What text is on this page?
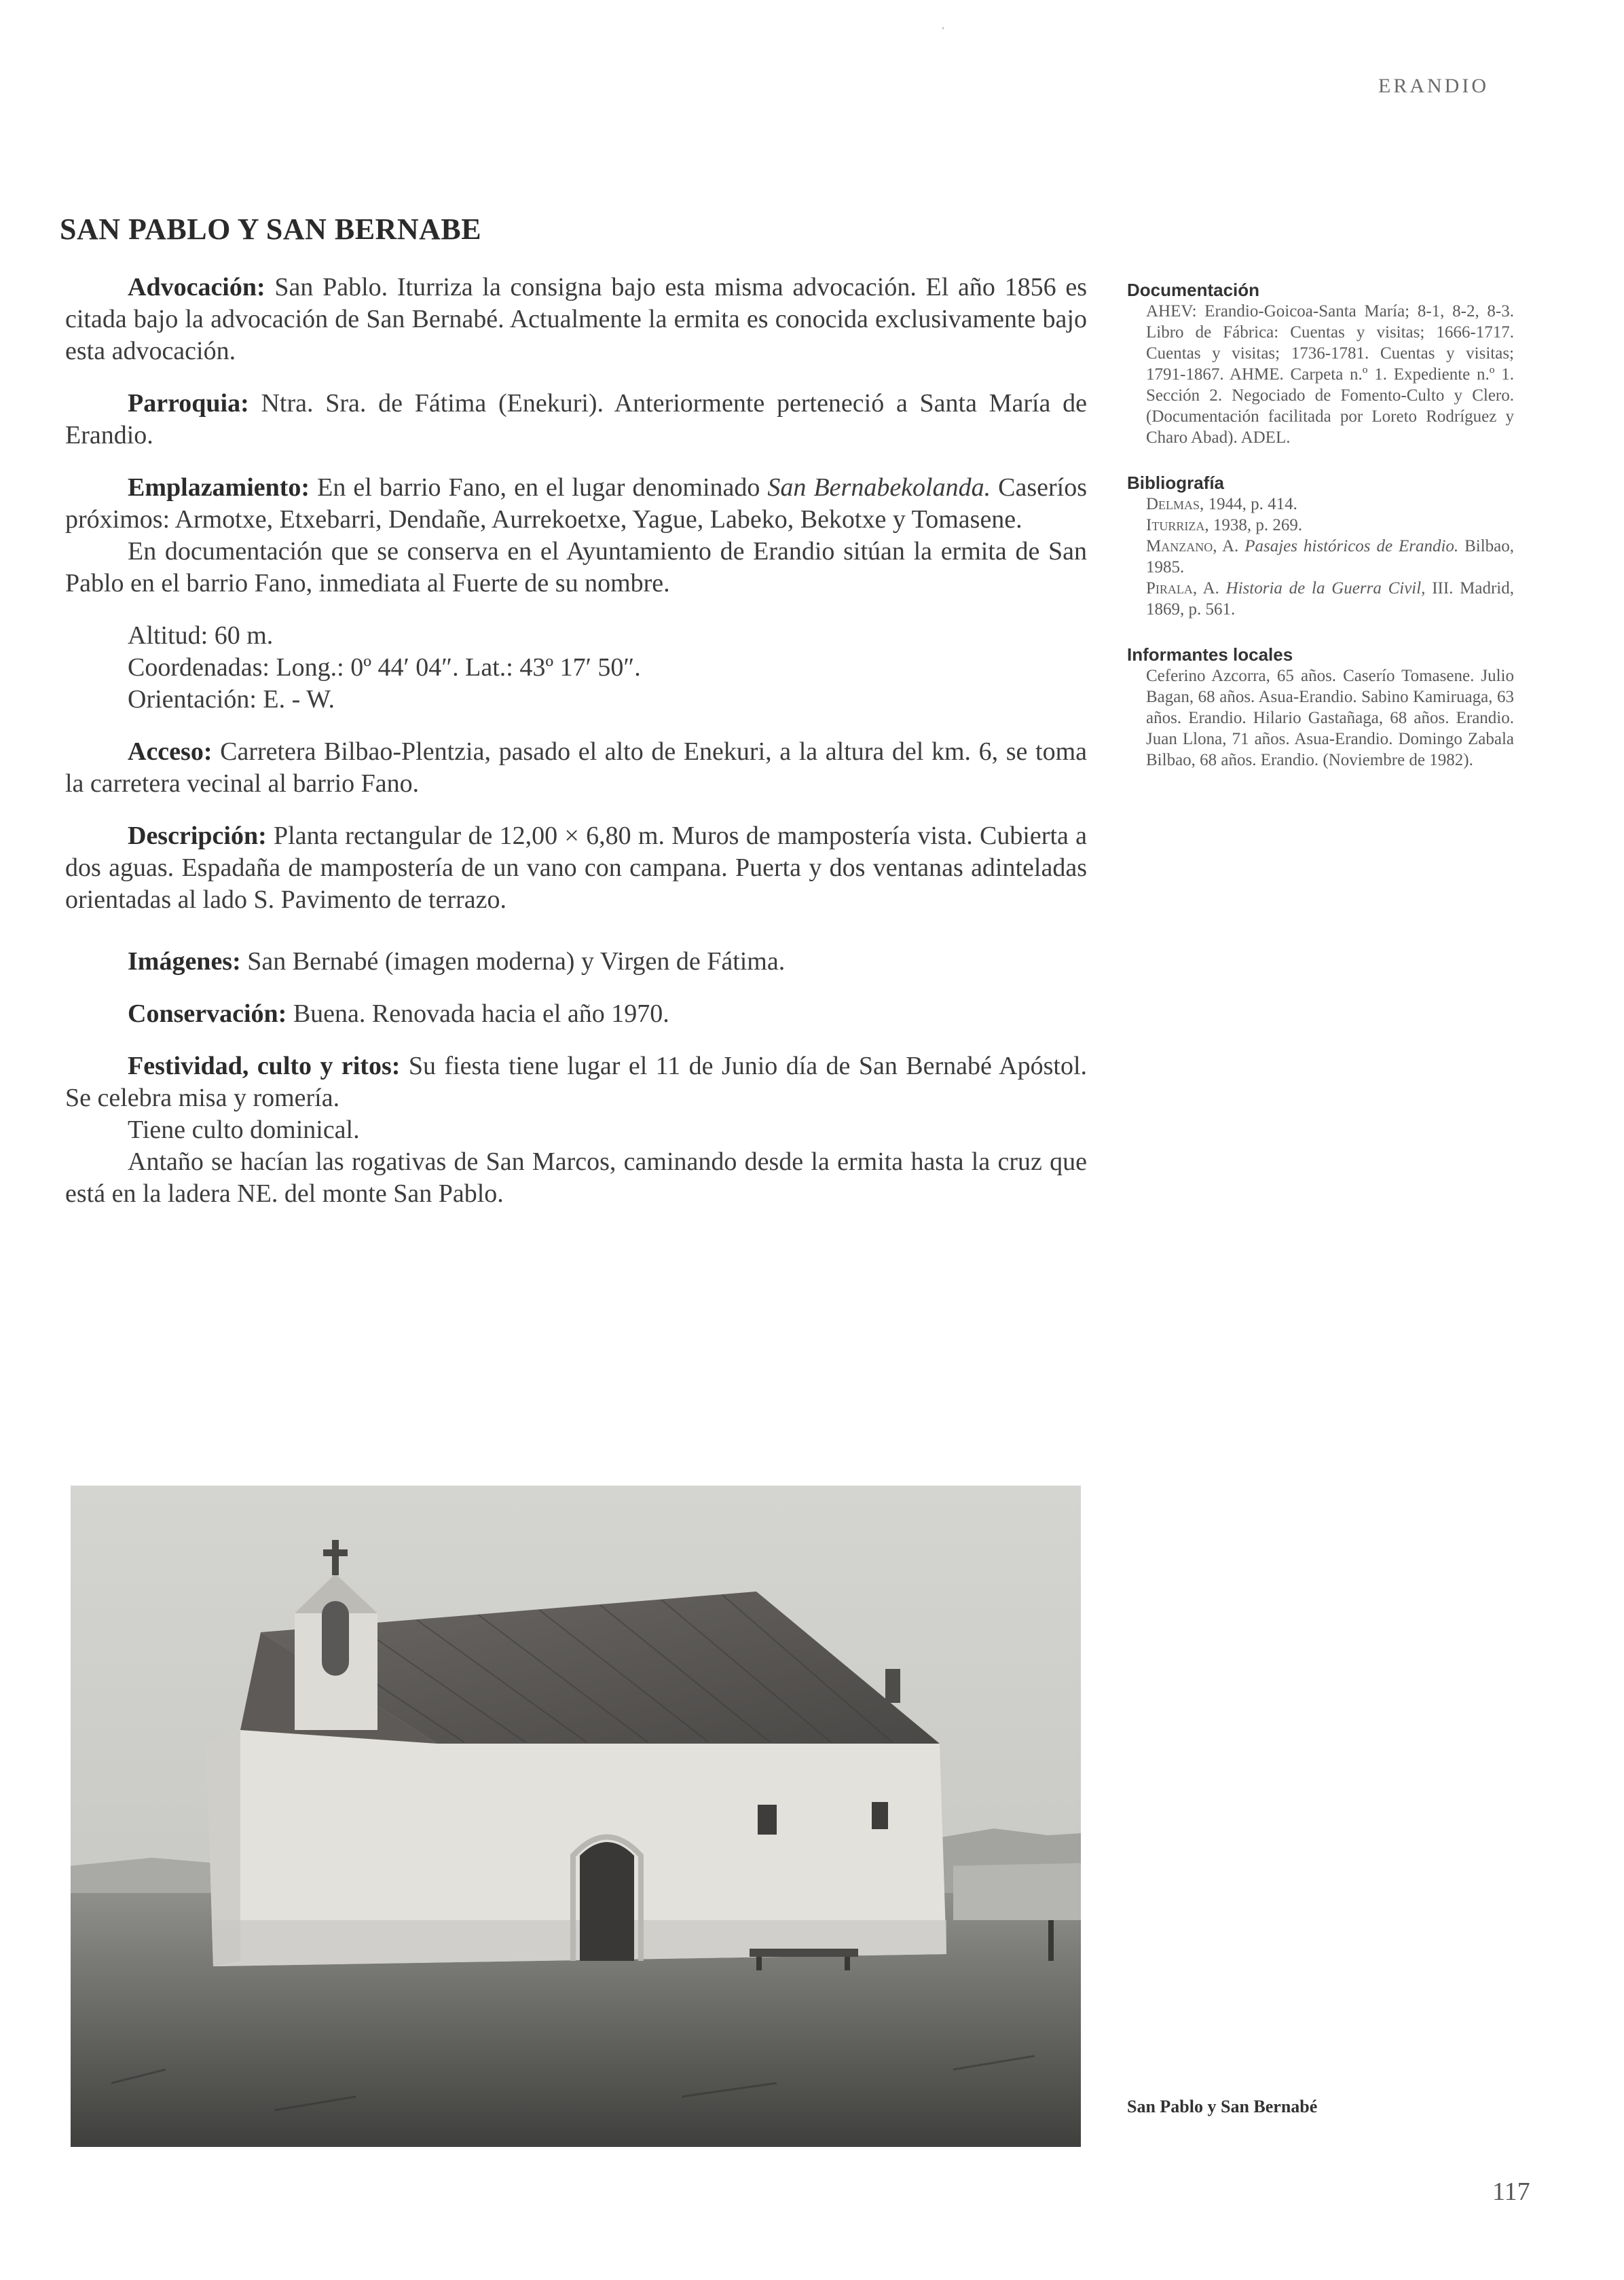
ERANDIO
SAN PABLO Y SAN BERNABE

Advocación: San Pablo. Iturriza la consigna bajo esta misma advocación. El año 1856 es citada bajo la advocación de San Bernabé. Actualmente la ermita es conocida exclusivamente bajo esta advocación.

Parroquia: Ntra. Sra. de Fátima (Enekuri). Anteriormente perteneció a Santa María de Erandio.

Emplazamiento: En el barrio Fano, en el lugar denominado San Bernabekolanda. Caseríos próximos: Armotxe, Etxebarri, Dendañe, Aurrekoetxe, Yague, Labeko, Bekotxe y Tomasene.

En documentación que se conserva en el Ayuntamiento de Erandio sitúan la ermita de San Pablo en el barrio Fano, inmediata al Fuerte de su nombre.

Altitud: 60 m.
Coordenadas: Long.: 0º 44′ 04″. Lat.: 43º 17′ 50″.
Orientación: E. - W.

Acceso: Carretera Bilbao-Plentzia, pasado el alto de Enekuri, a la altura del km. 6, se toma la carretera vecinal al barrio Fano.

Descripción: Planta rectangular de 12,00 × 6,80 m. Muros de mampostería vista. Cubierta a dos aguas. Espadaña de mampostería de un vano con campana. Puerta y dos ventanas adinteladas orientadas al lado S. Pavimento de terrazo.

Imágenes: San Bernabé (imagen moderna) y Virgen de Fátima.

Conservación: Buena. Renovada hacia el año 1970.

Festividad, culto y ritos: Su fiesta tiene lugar el 11 de Junio día de San Bernabé Apóstol. Se celebra misa y romería.

Tiene culto dominical.

Antaño se hacían las rogativas de San Marcos, caminando desde la ermita hasta la cruz que está en la ladera NE. del monte San Pablo.

Documentación
AHEV: Erandio-Goicoa-Santa María; 8-1, 8-2, 8-3. Libro de Fábrica: Cuentas y visitas; 1666-1717. Cuentas y visitas; 1736-1781. Cuentas y visitas; 1791-1867. AHME. Carpeta n.º 1. Expediente n.º 1. Sección 2. Negociado de Fomento-Culto y Clero. (Documentación facilitada por Loreto Rodríguez y Charo Abad). ADEL.
Bibliografía
Delmas, 1944, p. 414.
Iturriza, 1938, p. 269.
Manzano, A. Pasajes históricos de Erandio. Bilbao, 1985.
Pirala, A. Historia de la Guerra Civil, III. Madrid, 1869, p. 561.
Informantes locales
Ceferino Azcorra, 65 años. Caserío Tomasene. Julio Bagan, 68 años. Asua-Erandio. Sabino Kamiruaga, 63 años. Erandio. Hilario Gastañaga, 68 años. Erandio. Juan Llona, 71 años. Asua-Erandio. Domingo Zabala Bilbao, 68 años. Erandio. (Noviembre de 1982).
San Pablo y San Bernabé
117
